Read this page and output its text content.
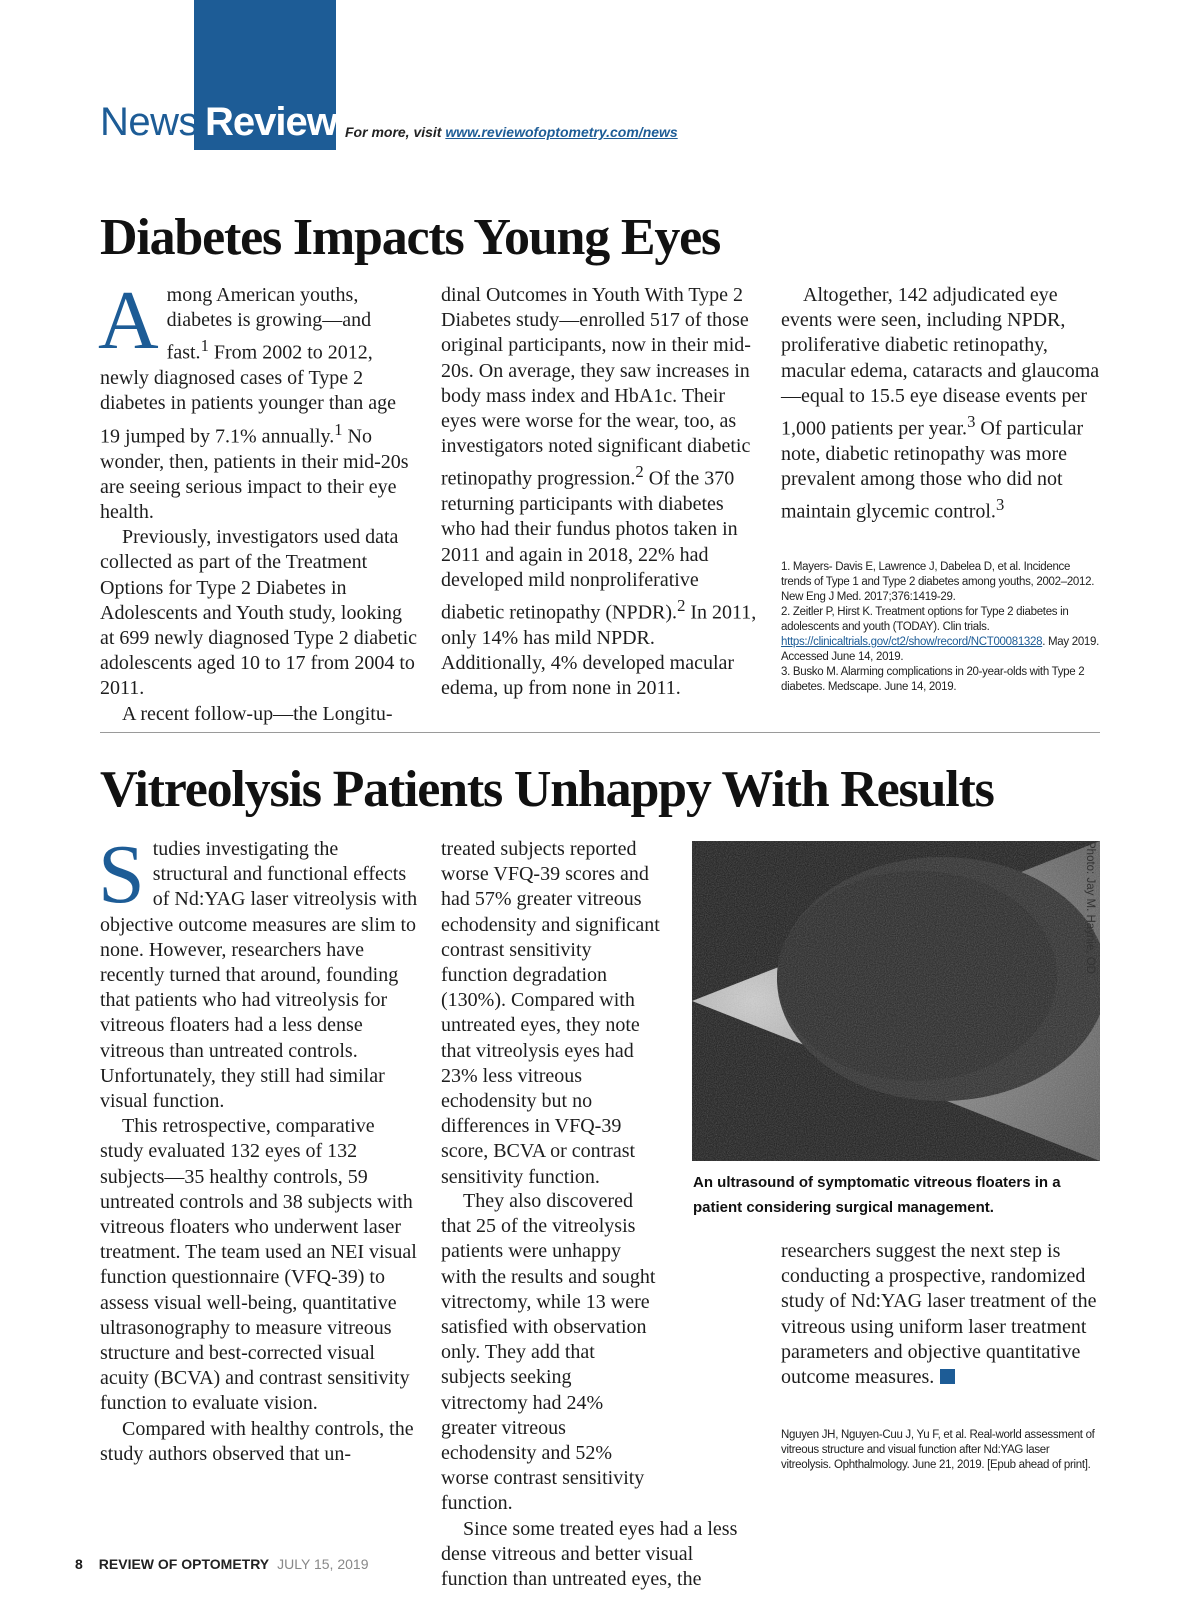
News Review For more, visit www.reviewofoptometry.com/news
Diabetes Impacts Young Eyes

Among American youths, diabetes is growing—and fast.$^1$ From 2002 to 2012, newly diagnosed cases of Type 2 diabetes in patients younger than age 19 jumped by 7.1% annually.$^1$ No wonder, then, patients in their mid-20s are seeing serious impact to their eye health.

Previously, investigators used data collected as part of the Treatment Options for Type 2 Diabetes in Adolescents and Youth study, looking at 699 newly diagnosed Type 2 diabetic adolescents aged 10 to 17 from 2004 to 2011.

A recent follow-up—the Longitu-

dinal Outcomes in Youth With Type 2 Diabetes study—enrolled 517 of those original participants, now in their mid-20s. On average, they saw increases in body mass index and HbA1c. Their eyes were worse for the wear, too, as investigators noted significant diabetic retinopathy progression.$^2$ Of the 370 returning participants with diabetes who had their fundus photos taken in 2011 and again in 2018, 22% had developed mild nonproliferative diabetic retinopathy (NPDR).$^2$ In 2011, only 14% has mild NPDR. Additionally, 4% developed macular edema, up from none in 2011.

Altogether, 142 adjudicated eye events were seen, including NPDR, proliferative diabetic retinopathy, macular edema, cataracts and glaucoma—equal to 15.5 eye disease events per 1,000 patients per year.$^3$ Of particular note, diabetic retinopathy was more prevalent among those who did not maintain glycemic control.$^3$

1. Mayers- Davis E, Lawrence J, Dabelea D, et al. Incidence trends of Type 1 and Type 2 diabetes among youths, 2002–2012. New Eng J Med. 2017;376:1419-29.

2. Zeitler P, Hirst K. Treatment options for Type 2 diabetes in adolescents and youth (TODAY). Clin trials. https://clinicaltrials.gov/ct2/show/record/NCT00081328. May 2019. Accessed June 14, 2019.

3. Busko M. Alarming complications in 20-year-olds with Type 2 diabetes. Medscape. June 14, 2019.

Vitreolysis Patients Unhappy With Results

Studies investigating the structural and functional effects of Nd:YAG laser vitreolysis with objective outcome measures are slim to none. However, researchers have recently turned that around, founding that patients who had vitreolysis for vitreous floaters had a less dense vitreous than untreated controls. Unfortunately, they still had similar visual function.

This retrospective, comparative study evaluated 132 eyes of 132 subjects—35 healthy controls, 59 untreated controls and 38 subjects with vitreous floaters who underwent laser treatment. The team used an NEI visual function questionnaire (VFQ-39) to assess visual well-being, quantitative ultrasonography to measure vitreous structure and best-corrected visual acuity (BCVA) and contrast sensitivity function to evaluate vision.

Compared with healthy controls, the study authors observed that un-

treated subjects reported worse VFQ-39 scores and had 57% greater vitreous echodensity and significant contrast sensitivity function degradation (130%). Compared with untreated eyes, they note that vitreolysis eyes had 23% less vitreous echodensity but no differences in VFQ-39 score, BCVA or contrast sensitivity function.

They also discovered that 25 of the vitreolysis patients were unhappy with the results and sought vitrectomy, while 13 were satisfied with observation only. They add that subjects seeking vitrectomy had 24% greater vitreous echodensity and 52% worse contrast sensitivity function.

Since some treated eyes had a less dense vitreous and better visual function than untreated eyes, the

Photo: Jay M. Haynie, OD
An ultrasound of symptomatic vitreous floaters in a patient considering surgical management.

researchers suggest the next step is conducting a prospective, randomized study of Nd:YAG laser treatment of the vitreous using uniform laser treatment parameters and objective quantitative outcome measures.

Nguyen JH, Nguyen-Cuu J, Yu F, et al. Real-world assessment of vitreous structure and visual function after Nd:YAG laser vitreolysis. Ophthalmology. June 21, 2019. [Epub ahead of print].

8 REVIEW OF OPTOMETRY JULY 15, 2019
